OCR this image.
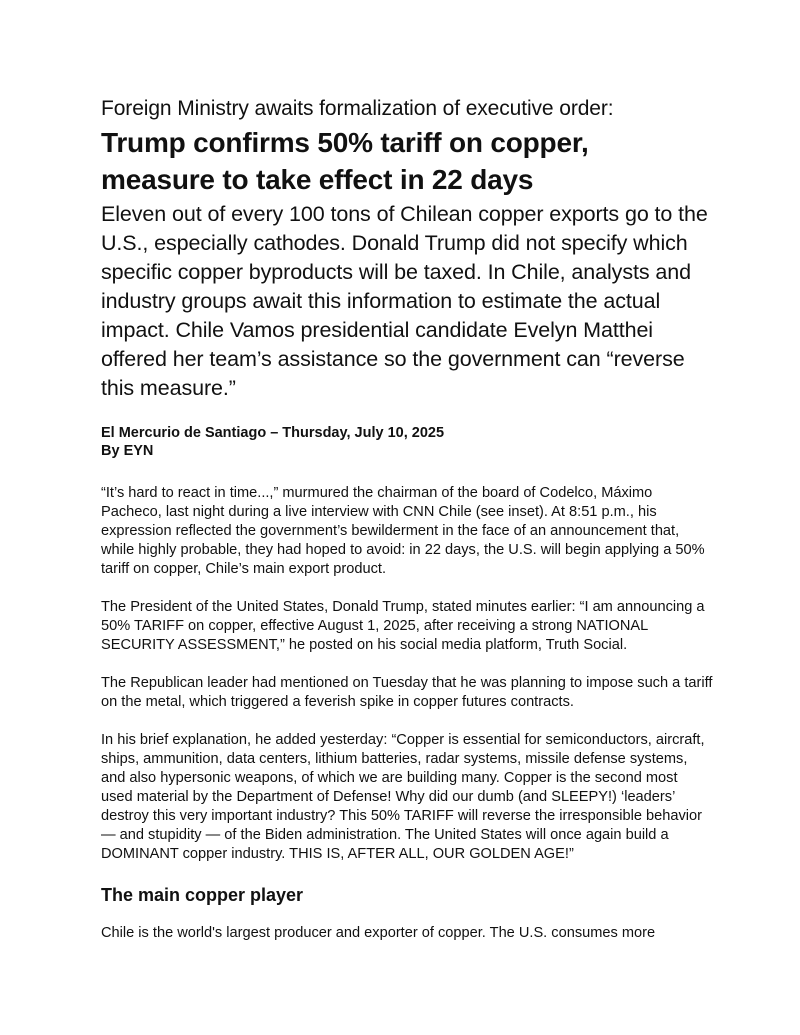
Foreign Ministry awaits formalization of executive order:
Trump confirms 50% tariff on copper,
measure to take effect in 22 days

Eleven out of every 100 tons of Chilean copper exports go to the U.S., especially cathodes. Donald Trump did not specify which specific copper byproducts will be taxed. In Chile, analysts and industry groups await this information to estimate the actual impact. Chile Vamos presidential candidate Evelyn Matthei offered her team’s assistance so the government can “reverse this measure.”

El Mercurio de Santiago – Thursday, July 10, 2025
By EYN

“It’s hard to react in time...,” murmured the chairman of the board of Codelco, Máximo Pacheco, last night during a live interview with CNN Chile (see inset). At 8:51 p.m., his expression reflected the government’s bewilderment in the face of an announcement that, while highly probable, they had hoped to avoid: in 22 days, the U.S. will begin applying a 50% tariff on copper, Chile’s main export product.

The President of the United States, Donald Trump, stated minutes earlier: “I am announcing a 50% TARIFF on copper, effective August 1, 2025, after receiving a strong NATIONAL SECURITY ASSESSMENT,” he posted on his social media platform, Truth Social.

The Republican leader had mentioned on Tuesday that he was planning to impose such a tariff on the metal, which triggered a feverish spike in copper futures contracts.

In his brief explanation, he added yesterday: “Copper is essential for semiconductors, aircraft, ships, ammunition, data centers, lithium batteries, radar systems, missile defense systems, and also hypersonic weapons, of which we are building many. Copper is the second most used material by the Department of Defense! Why did our dumb (and SLEEPY!) ‘leaders’ destroy this very important industry? This 50% TARIFF will reverse the irresponsible behavior — and stupidity — of the Biden administration. The United States will once again build a DOMINANT copper industry. THIS IS, AFTER ALL, OUR GOLDEN AGE!”

The main copper player

Chile is the world's largest producer and exporter of copper. The U.S. consumes more
